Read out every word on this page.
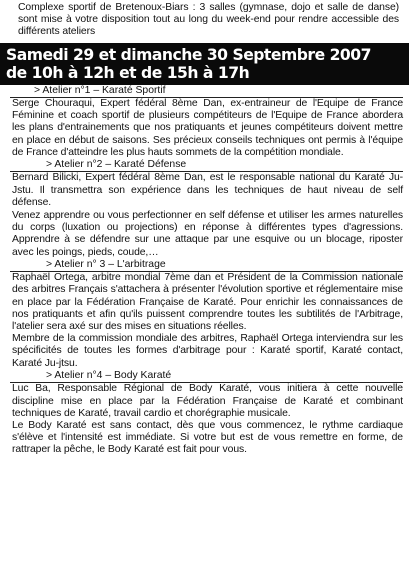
Complexe sportif de Bretenoux-Biars : 3 salles (gymnase, dojo et salle de danse) sont mise à votre disposition tout au long du week-end pour rendre accessible des différents ateliers

Samedi 29 et dimanche 30 Septembre 2007
de 10h à 12h et de 15h à 17h
> Atelier n°1 – Karaté Sportif

Serge Chouraqui, Expert fédéral 8ème Dan, ex-entraineur de l'Equipe de France Féminine et coach sportif de plusieurs compétiteurs de l'Equipe de France abordera les plans d'entrainements que nos pratiquants et jeunes compétiteurs doivent mettre en place en début de saisons. Ses précieux conseils techniques ont permis à l'équipe de France d'atteindre les plus hauts sommets de la compétition mondiale.

> Atelier n°2 – Karaté Défense

Bernard Bilicki, Expert fédéral 8ème Dan, est le responsable national du Karaté Ju-Jstu. Il transmettra son expérience dans les techniques de haut niveau de self défense.

Venez apprendre ou vous perfectionner en self défense et utiliser les armes naturelles du corps (luxation ou projections) en réponse à différentes types d'agressions. Apprendre à se défendre sur une attaque par une esquive ou un blocage, riposter avec les poings, pieds, coude,…

> Atelier n° 3 – L'arbitrage

Raphaël Ortega, arbitre mondial 7ème dan et Président de la Commission nationale des arbitres Français s'attachera à présenter l'évolution sportive et réglementaire mise en place par la Fédération Française de Karaté. Pour enrichir les connaissances de nos pratiquants et afin qu'ils puissent comprendre toutes les subtilités de l'Arbitrage, l'atelier sera axé sur des mises en situations réelles.

Membre de la commission mondiale des arbitres, Raphaël Ortega interviendra sur les spécificités de toutes les formes d'arbitrage pour : Karaté sportif, Karaté contact, Karaté Ju-jtsu.

> Atelier n°4 – Body Karaté

Luc Ba, Responsable Régional de Body Karaté, vous initiera à cette nouvelle discipline mise en place par la Fédération Française de Karaté et combinant techniques de Karaté, travail cardio et chorégraphie musicale.

Le Body Karaté est sans contact, dès que vous commencez, le rythme cardiaque s'élève et l'intensité est immédiate. Si votre but est de vous remettre en forme, de rattraper la pêche, le Body Karaté est fait pour vous.
